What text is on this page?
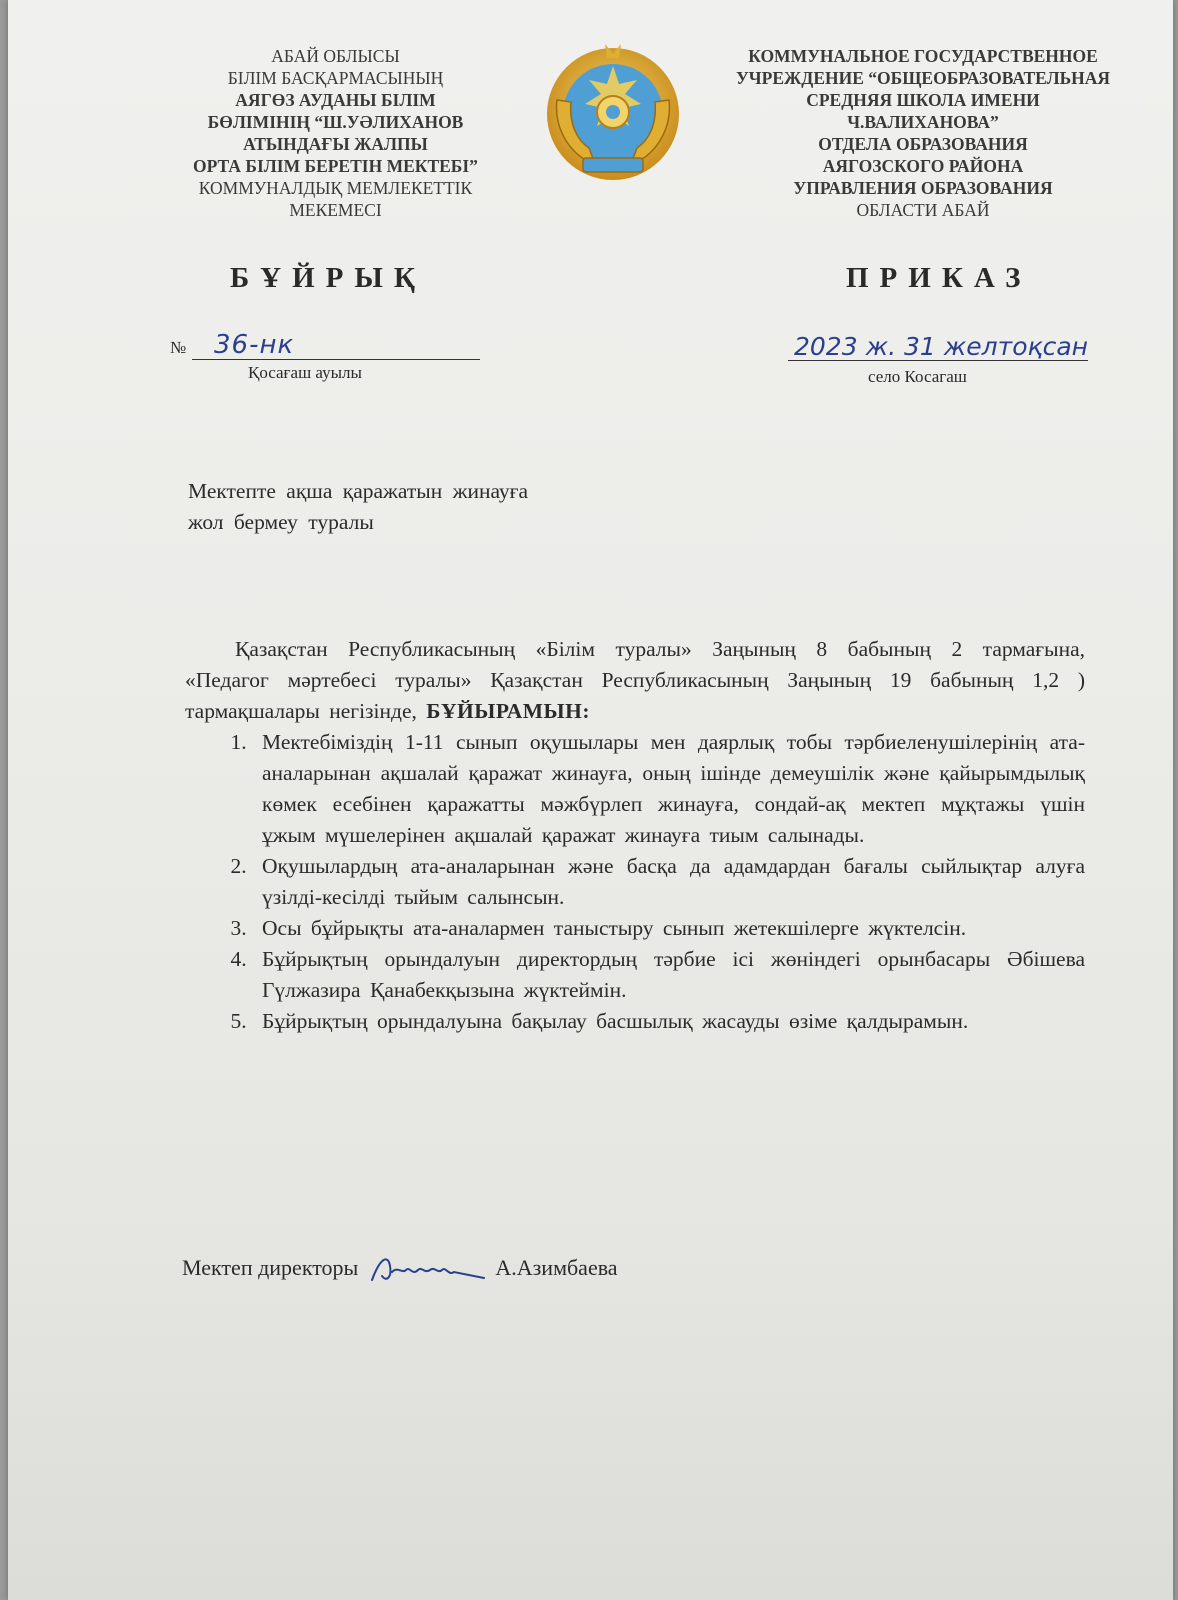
АБАЙ ОБЛЫСЫ
БІЛІМ БАСҚАРМАСЫНЫҢ
АЯГӨЗ АУДАНЫ БІЛІМ
БӨЛІМІНІҢ “Ш.УӘЛИХАНОВ
АТЫНДАҒЫ ЖАЛПЫ
ОРТА БІЛІМ БЕРЕТІН МЕКТЕБІ”
КОММУНАЛДЫҚ МЕМЛЕКЕТТІК
МЕКЕМЕСІ
КОММУНАЛЬНОЕ ГОСУДАРСТВЕННОЕ
УЧРЕЖДЕНИЕ “ОБЩЕОБРАЗОВАТЕЛЬНАЯ
СРЕДНЯЯ ШКОЛА ИМЕНИ
Ч.ВАЛИХАНОВА”
ОТДЕЛА ОБРАЗОВАНИЯ
АЯГОЗСКОГО РАЙОНА
УПРАВЛЕНИЯ ОБРАЗОВАНИЯ
ОБЛАСТИ АБАЙ
БҰЙРЫҚ	ПРИКАЗ
№ 36-нк
Қосағаш ауылы
2023 ж. 31 желтоқсан
село Косагаш
Мектепте ақша қаражатын жинауға
жол бермеу туралы

Қазақстан Республикасының «Білім туралы» Заңының 8 бабының 2 тармағына, «Педагог мәртебесі туралы» Қазақстан Республикасының Заңының 19 бабының 1,2 ) тармақшалары негізінде, БҰЙЫРАМЫН:

1. Мектебіміздің 1-11 сынып оқушылары мен даярлық тобы тәрбиеленушілерінің ата-аналарынан ақшалай қаражат жинауға, оның ішінде демеушілік және қайырымдылық көмек есебінен қаражатты мәжбүрлеп жинауға, сондай-ақ мектеп мұқтажы үшін ұжым мүшелерінен ақшалай қаражат жинауға тиым салынады.
2. Оқушылардың ата-аналарынан және басқа да адамдардан бағалы сыйлықтар алуға үзілді-кесілді тыйым салынсын.
3. Осы бұйрықты ата-аналармен таныстыру сынып жетекшілерге жүктелсін.
4. Бұйрықтың орындалуын директордың тәрбие ісі жөніндегі орынбасары Әбішева Гүлжазира Қанабекқызына жүктеймін.
5. Бұйрықтың орындалуына бақылау басшылық жасауды өзіме қалдырамын.
Мектеп директоры	А.Азимбаева
